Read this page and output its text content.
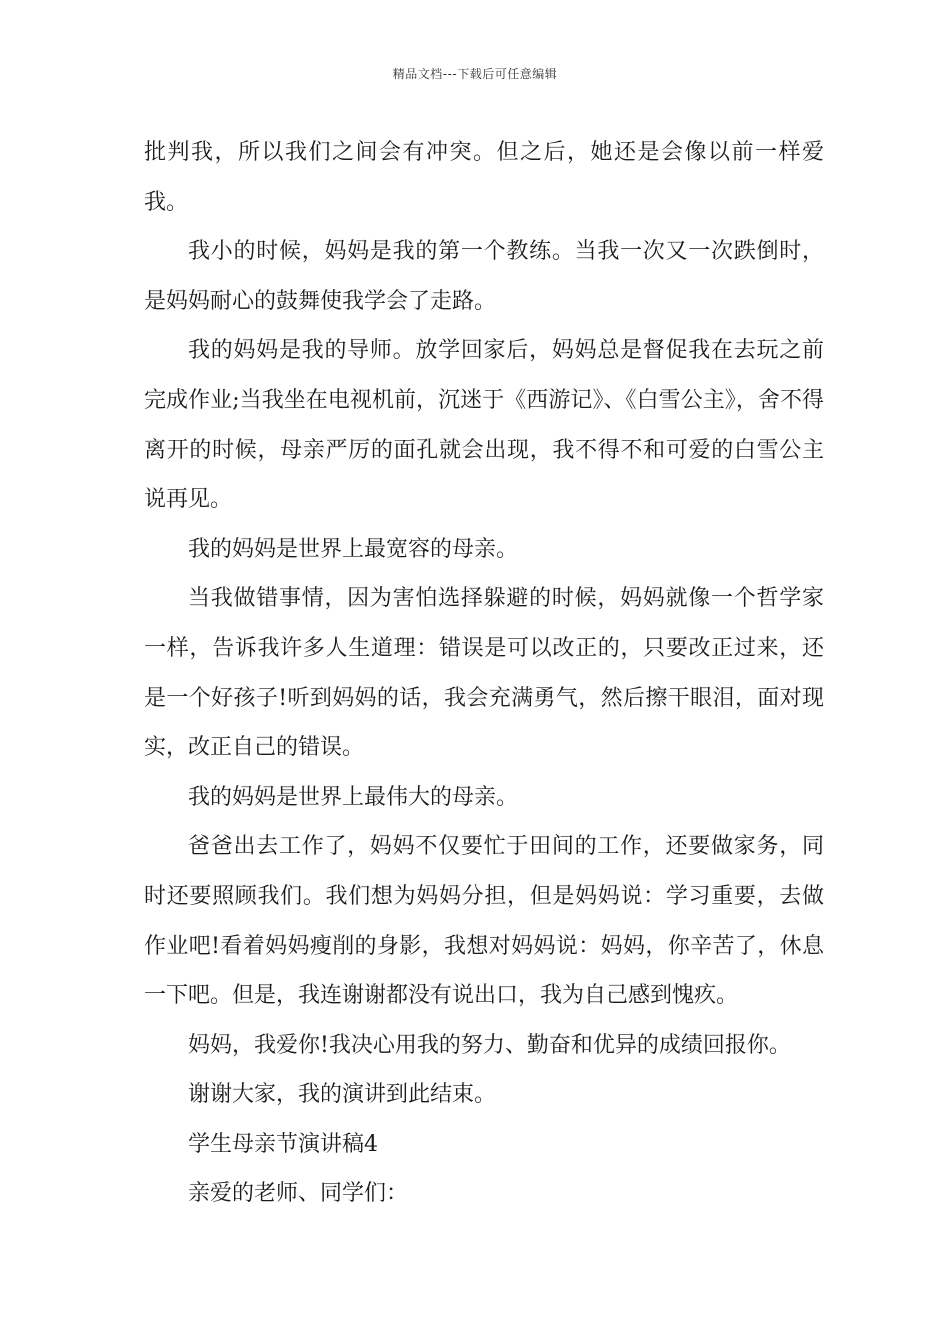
精品文档---下载后可任意编辑

批判我，所以我们之间会有冲突。但之后，她还是会像以前一样爱我。

我小的时候，妈妈是我的第一个教练。当我一次又一次跌倒时，是妈妈耐心的鼓舞使我学会了走路。

我的妈妈是我的导师。放学回家后，妈妈总是督促我在去玩之前完成作业;当我坐在电视机前，沉迷于《西游记》、《白雪公主》，舍不得离开的时候，母亲严厉的面孔就会出现，我不得不和可爱的白雪公主说再见。

我的妈妈是世界上最宽容的母亲。

当我做错事情，因为害怕选择躲避的时候，妈妈就像一个哲学家一样，告诉我许多人生道理：错误是可以改正的，只要改正过来，还是一个好孩子!听到妈妈的话，我会充满勇气，然后擦干眼泪，面对现实，改正自己的错误。

我的妈妈是世界上最伟大的母亲。

爸爸出去工作了，妈妈不仅要忙于田间的工作，还要做家务，同时还要照顾我们。我们想为妈妈分担，但是妈妈说：学习重要，去做作业吧!看着妈妈瘦削的身影，我想对妈妈说：妈妈，你辛苦了，休息一下吧。但是，我连谢谢都没有说出口，我为自己感到愧疚。

妈妈，我爱你!我决心用我的努力、勤奋和优异的成绩回报你。

谢谢大家，我的演讲到此结束。

学生母亲节演讲稿4

亲爱的老师、同学们：
